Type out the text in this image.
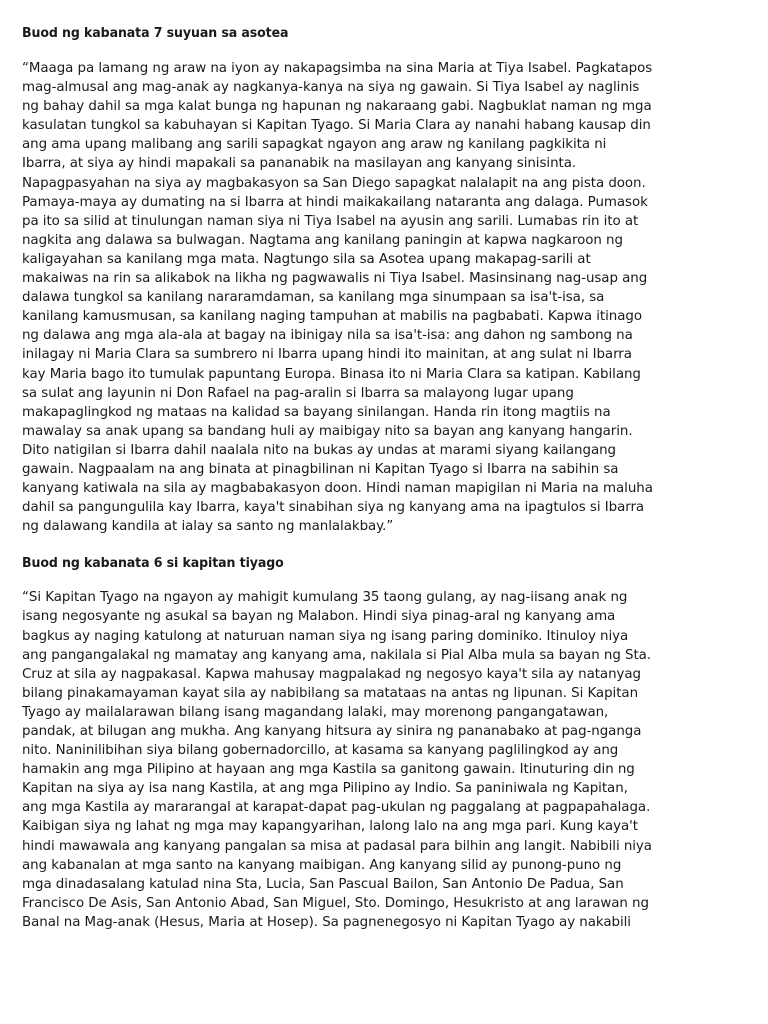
Buod ng kabanata 7 suyuan sa asotea

“Maaga pa lamang ng araw na iyon ay nakapagsimba na sina Maria at Tiya Isabel. Pagkatapos
mag-almusal ang mag-anak ay nagkanya-kanya na siya ng gawain. Si Tiya Isabel ay naglinis
ng bahay dahil sa mga kalat bunga ng hapunan ng nakaraang gabi. Nagbuklat naman ng mga
kasulatan tungkol sa kabuhayan si Kapitan Tyago. Si Maria Clara ay nanahi habang kausap din
ang ama upang malibang ang sarili sapagkat ngayon ang araw ng kanilang pagkikita ni
Ibarra, at siya ay hindi mapakali sa pananabik na masilayan ang kanyang sinisinta.
Napagpasyahan na siya ay magbakasyon sa San Diego sapagkat nalalapit na ang pista doon.
Pamaya-maya ay dumating na si Ibarra at hindi maikakailang nataranta ang dalaga. Pumasok
pa ito sa silid at tinulungan naman siya ni Tiya Isabel na ayusin ang sarili. Lumabas rin ito at
nagkita ang dalawa sa bulwagan. Nagtama ang kanilang paningin at kapwa nagkaroon ng
kaligayahan sa kanilang mga mata. Nagtungo sila sa Asotea upang makapag-sarili at
makaiwas na rin sa alikabok na likha ng pagwawalis ni Tiya Isabel. Masinsinang nag-usap ang
dalawa tungkol sa kanilang nararamdaman, sa kanilang mga sinumpaan sa isa't-isa, sa
kanilang kamusmusan, sa kanilang naging tampuhan at mabilis na pagbabati. Kapwa itinago
ng dalawa ang mga ala-ala at bagay na ibinigay nila sa isa't-isa: ang dahon ng sambong na
inilagay ni Maria Clara sa sumbrero ni Ibarra upang hindi ito mainitan, at ang sulat ni Ibarra
kay Maria bago ito tumulak papuntang Europa. Binasa ito ni Maria Clara sa katipan. Kabilang
sa sulat ang layunin ni Don Rafael na pag-aralin si Ibarra sa malayong lugar upang
makapaglingkod ng mataas na kalidad sa bayang sinilangan. Handa rin itong magtiis na
mawalay sa anak upang sa bandang huli ay maibigay nito sa bayan ang kanyang hangarin.
Dito natigilan si Ibarra dahil naalala nito na bukas ay undas at marami siyang kailangang
gawain. Nagpaalam na ang binata at pinagbilinan ni Kapitan Tyago si Ibarra na sabihin sa
kanyang katiwala na sila ay magbabakasyon doon. Hindi naman mapigilan ni Maria na maluha
dahil sa pangungulila kay Ibarra, kaya't sinabihan siya ng kanyang ama na ipagtulos si Ibarra
ng dalawang kandila at ialay sa santo ng manlalakbay.”

Buod ng kabanata 6 si kapitan tiyago

“Si Kapitan Tyago na ngayon ay mahigit kumulang 35 taong gulang, ay nag-iisang anak ng
isang negosyante ng asukal sa bayan ng Malabon. Hindi siya pinag-aral ng kanyang ama
bagkus ay naging katulong at naturuan naman siya ng isang paring dominiko. Itinuloy niya
ang pangangalakal ng mamatay ang kanyang ama, nakilala si Pial Alba mula sa bayan ng Sta.
Cruz at sila ay nagpakasal. Kapwa mahusay magpalakad ng negosyo kaya't sila ay natanyag
bilang pinakamayaman kayat sila ay nabibilang sa matataas na antas ng lipunan. Si Kapitan
Tyago ay mailalarawan bilang isang magandang lalaki, may morenong pangangatawan,
pandak, at bilugan ang mukha. Ang kanyang hitsura ay sinira ng pananabako at pag-nganga
nito. Naninilibihan siya bilang gobernadorcillo, at kasama sa kanyang paglilingkod ay ang
hamakin ang mga Pilipino at hayaan ang mga Kastila sa ganitong gawain. Itinuturing din ng
Kapitan na siya ay isa nang Kastila, at ang mga Pilipino ay Indio. Sa paniniwala ng Kapitan,
ang mga Kastila ay mararangal at karapat-dapat pag-ukulan ng paggalang at pagpapahalaga.
Kaibigan siya ng lahat ng mga may kapangyarihan, lalong lalo na ang mga pari. Kung kaya't
hindi mawawala ang kanyang pangalan sa misa at padasal para bilhin ang langit. Nabibili niya
ang kabanalan at mga santo na kanyang maibigan. Ang kanyang silid ay punong-puno ng
mga dinadasalang katulad nina Sta, Lucia, San Pascual Bailon, San Antonio De Padua, San
Francisco De Asis, San Antonio Abad, San Miguel, Sto. Domingo, Hesukristo at ang larawan ng
Banal na Mag-anak (Hesus, Maria at Hosep). Sa pagnenegosyo ni Kapitan Tyago ay nakabili
